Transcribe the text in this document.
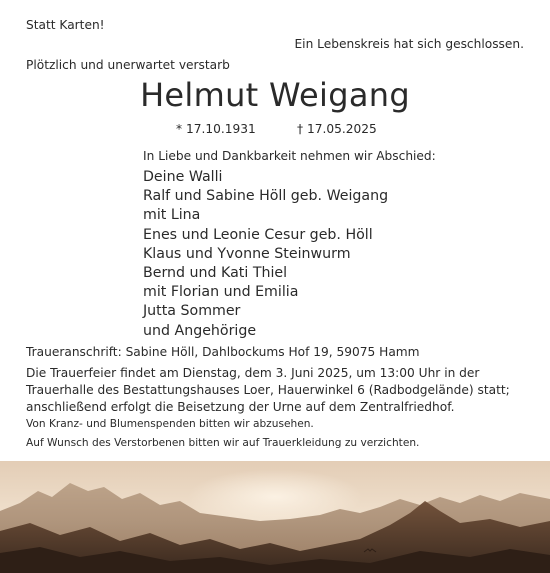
Statt Karten!
Ein Lebenskreis hat sich geschlossen.
Plötzlich und unerwartet verstarb
Helmut Weigang
* 17.10.1931	† 17.05.2025
In Liebe und Dankbarkeit nehmen wir Abschied:
Deine Walli
Ralf und Sabine Höll geb. Weigang
mit Lina
Enes und Leonie Cesur geb. Höll
Klaus und Yvonne Steinwurm
Bernd und Kati Thiel
mit Florian und Emilia
Jutta Sommer
und Angehörige
Traueranschrift: Sabine Höll, Dahlbockums Hof 19, 59075 Hamm
Die Trauerfeier findet am Dienstag, dem 3. Juni 2025, um 13:00 Uhr in der
Trauerhalle des Bestattungshauses Loer, Hauerwinkel 6 (Radbodgelände) statt;
anschließend erfolgt die Beisetzung der Urne auf dem Zentralfriedhof.
Von Kranz- und Blumenspenden bitten wir abzusehen.
Auf Wunsch des Verstorbenen bitten wir auf Trauerkleidung zu verzichten.
